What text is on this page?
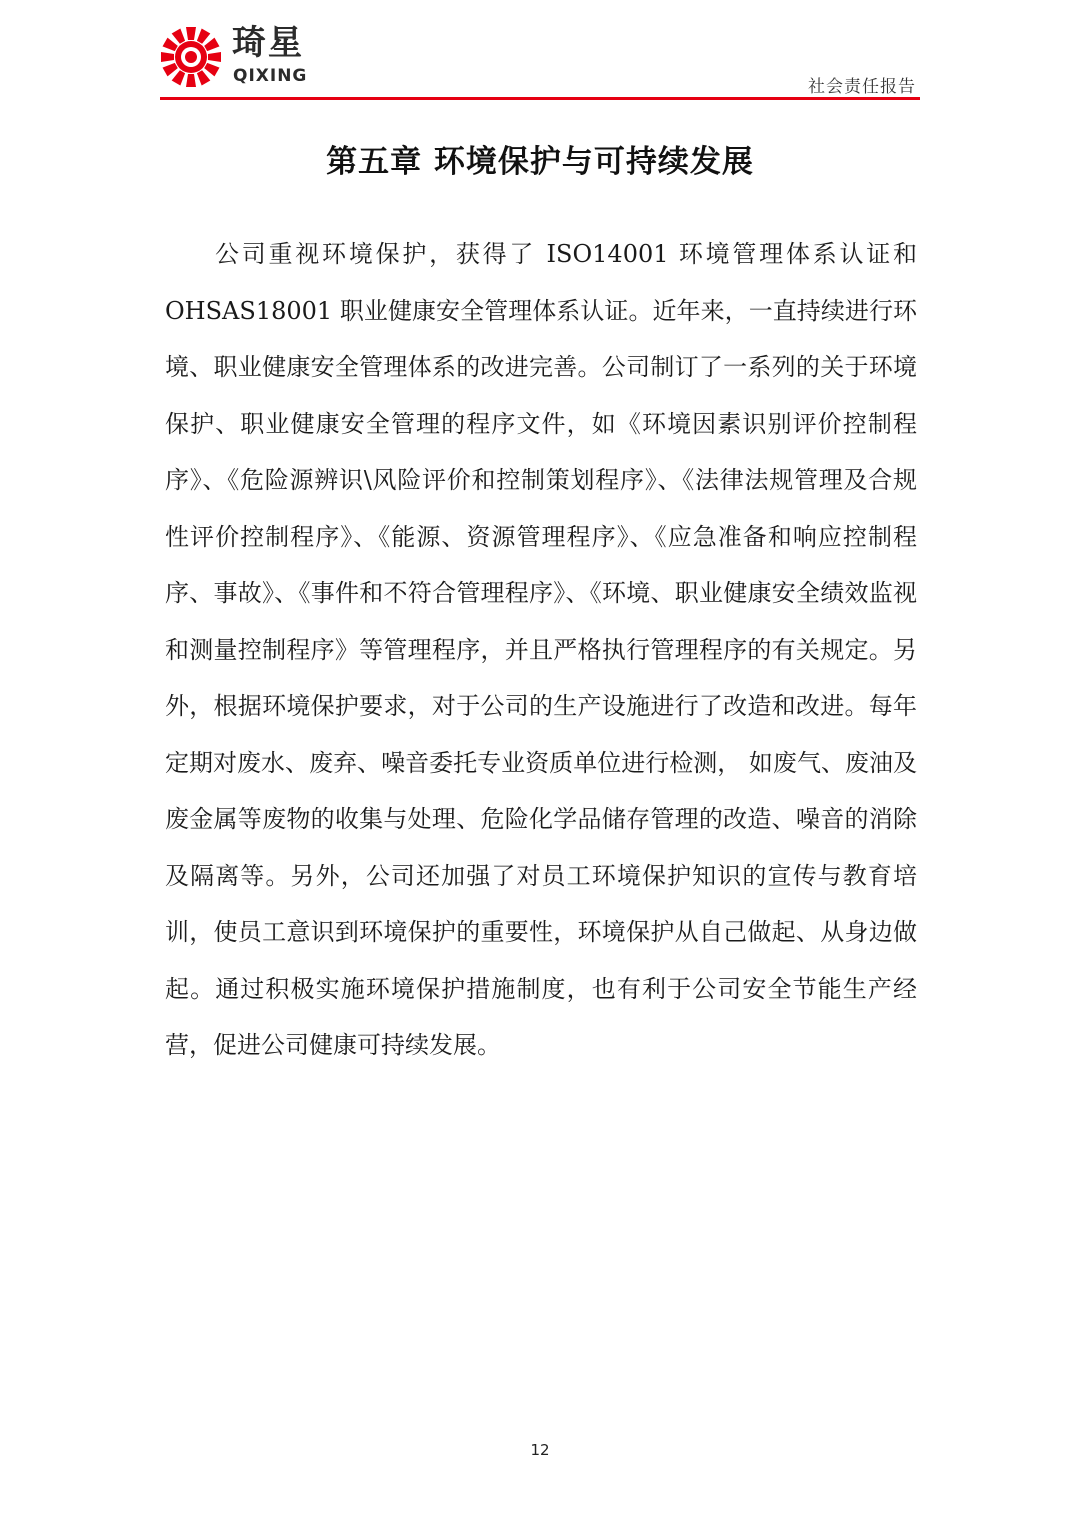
琦星
QIXING
社会责任报告
第五章 环境保护与可持续发展

公司重视环境保护，获得了 ISO14001 环境管理体系认证和 OHSAS18001 职业健康安全管理体系认证。近年来，一直持续进行环境、职业健康安全管理体系的改进完善。公司制订了一系列的关于环境保护、职业健康安全管理的程序文件，如《环境因素识别评价控制程序》、《危险源辨识\风险评价和控制策划程序》、《法律法规管理及合规性评价控制程序》、《能源、资源管理程序》、《应急准备和响应控制程序、事故》、《事件和不符合管理程序》、《环境、职业健康安全绩效监视和测量控制程序》等管理程序，并且严格执行管理程序的有关规定。另外，根据环境保护要求，对于公司的生产设施进行了改造和改进。每年定期对废水、废弃、噪音委托专业资质单位进行检测， 如废气、废油及废金属等废物的收集与处理、危险化学品储存管理的改造、噪音的消除及隔离等。另外，公司还加强了对员工环境保护知识的宣传与教育培训，使员工意识到环境保护的重要性，环境保护从自己做起、从身边做起。通过积极实施环境保护措施制度，也有利于公司安全节能生产经营，促进公司健康可持续发展。

12
